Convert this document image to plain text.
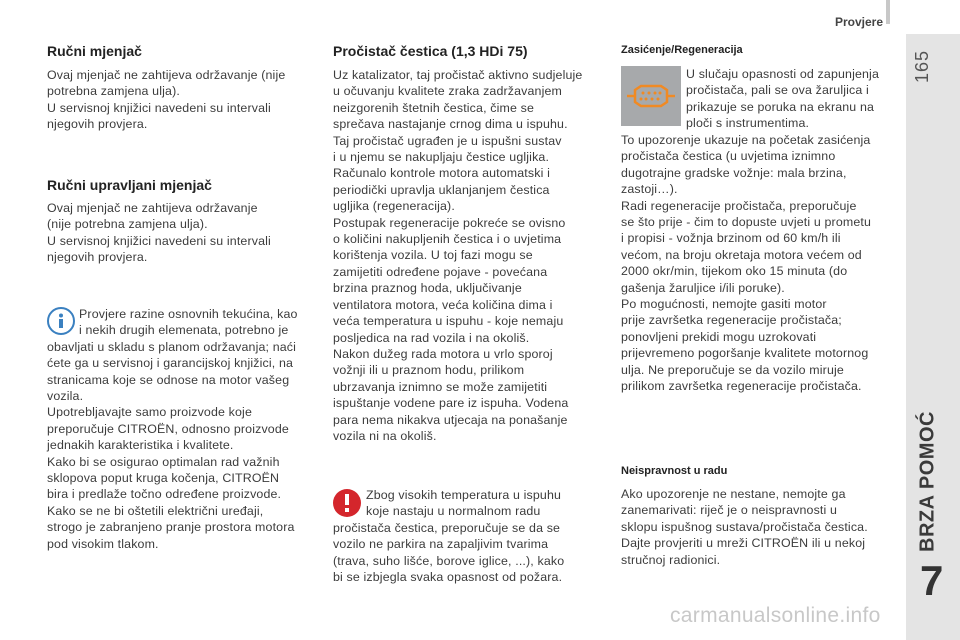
Provjere
165
BRZA POMOĆ
7
Ručni mjenjač
Ovaj mjenjač ne zahtijeva održavanje (nije
potrebna zamjena ulja).
U servisnoj knjižici navedeni su intervali
njegovih provjera.
Ručni upravljani mjenjač
Ovaj mjenjač ne zahtijeva održavanje
(nije potrebna zamjena ulja).
U servisnoj knjižici navedeni su intervali
njegovih provjera.
Provjere razine osnovnih tekućina, kao
i nekih drugih elemenata, potrebno je
obavljati u skladu s planom održavanja; naći
ćete ga u servisnoj i garancijskoj knjižici, na
stranicama koje se odnose na motor vašeg
vozila.
Upotrebljavajte samo proizvode koje
preporučuje CITROËN, odnosno proizvode
jednakih karakteristika i kvalitete.
Kako bi se osigurao optimalan rad važnih
sklopova poput kruga kočenja, CITROËN
bira i predlaže točno određene proizvode.
Kako se ne bi oštetili električni uređaji,
strogo je zabranjeno pranje prostora motora
pod visokim tlakom.
Pročistač čestica (1,3 HDi 75)
Uz katalizator, taj pročistač aktivno sudjeluje
u očuvanju kvalitete zraka zadržavanjem
neizgorenih štetnih čestica, čime se
sprečava nastajanje crnog dima u ispuhu.
Taj pročistač ugrađen je u ispušni sustav
i u njemu se nakupljaju čestice ugljika.
Računalo kontrole motora automatski i
periodički upravlja uklanjanjem čestica
ugljika (regeneracija).
Postupak regeneracije pokreće se ovisno
o količini nakupljenih čestica i o uvjetima
korištenja vozila. U toj fazi mogu se
zamijetiti određene pojave - povećana
brzina praznog hoda, uključivanje
ventilatora motora, veća količina dima i
veća temperatura u ispuhu - koje nemaju
posljedica na rad vozila i na okoliš.
Nakon dužeg rada motora u vrlo sporoj
vožnji ili u praznom hodu, prilikom
ubrzavanja iznimno se može zamijetiti
ispuštanje vodene pare iz ispuha. Vodena
para nema nikakva utjecaja na ponašanje
vozila ni na okoliš.
Zbog visokih temperatura u ispuhu
koje nastaju u normalnom radu
pročistača čestica, preporučuje se da se
vozilo ne parkira na zapaljivim tvarima
(trava, suho lišće, borove iglice, ...), kako
bi se izbjegla svaka opasnost od požara.
Zasićenje/Regeneracija
U slučaju opasnosti od zapunjenja
pročistača, pali se ova žaruljica i
prikazuje se poruka na ekranu na
ploči s instrumentima.
To upozorenje ukazuje na početak zasićenja
pročistača čestica (u uvjetima iznimno
dugotrajne gradske vožnje: mala brzina,
zastoji…).
Radi regeneracije pročistača, preporučuje
se što prije - čim to dopuste uvjeti u prometu
i propisi - vožnja brzinom od 60 km/h ili
većom, na broju okretaja motora većem od
2000 okr/min, tijekom oko 15 minuta (do
gašenja žaruljice i/ili poruke).
Po mogućnosti, nemojte gasiti motor
prije završetka regeneracije pročistača;
ponovljeni prekidi mogu uzrokovati
prijevremeno pogoršanje kvalitete motornog
ulja. Ne preporučuje se da vozilo miruje
prilikom završetka regeneracije pročistača.
Neispravnost u radu
Ako upozorenje ne nestane, nemojte ga
zanemarivati: riječ je o neispravnosti u
sklopu ispušnog sustava/pročistača čestica.
Dajte provjeriti u mreži CITROËN ili u nekoj
stručnoj radionici.
carmanualsonline.info
